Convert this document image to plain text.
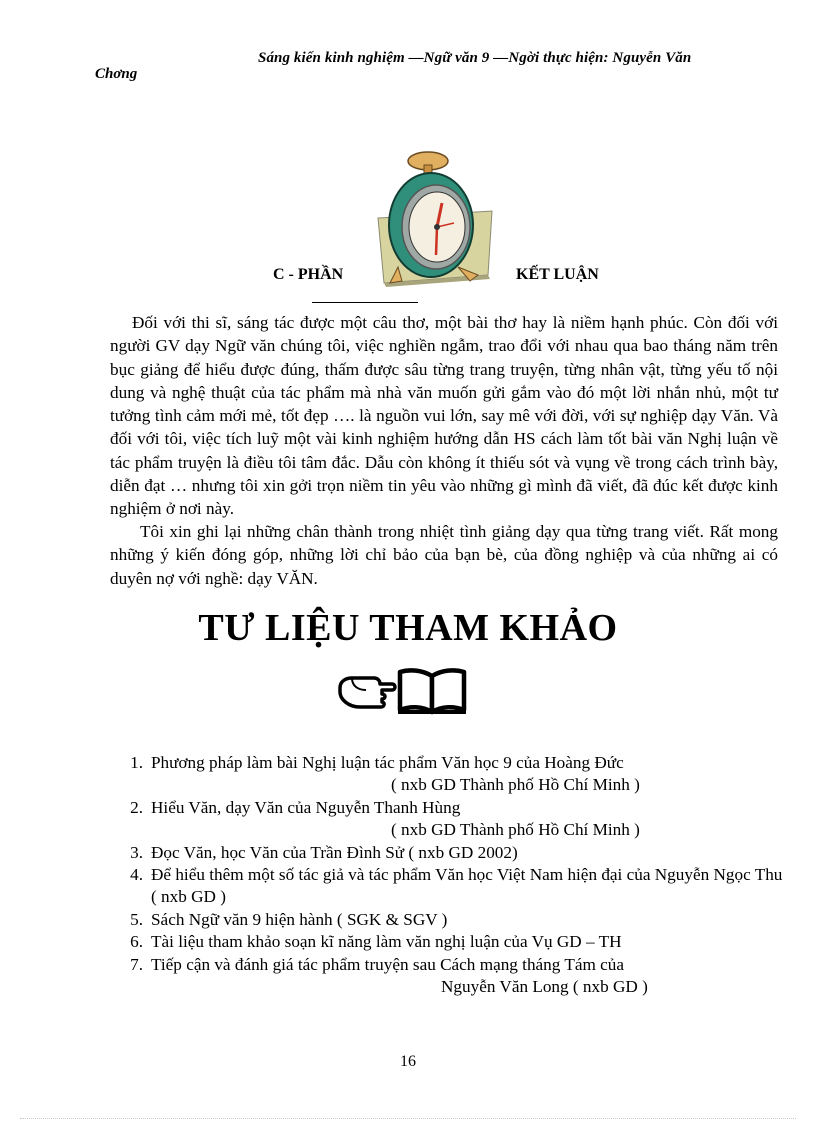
Sáng kiến kinh nghiệm —Ngữ văn 9 —Ngời thực hiện: Nguyễn Văn
Chơng
C - PHẦN	KẾT LUẬN
Đối với thi sĩ, sáng tác được một câu thơ, một bài thơ hay là niềm hạnh phúc. Còn đối với người GV dạy Ngữ văn chúng tôi, việc nghiền ngẫm, trao đổi với nhau qua bao tháng năm trên bục giảng để hiểu được đúng, thấm được sâu từng trang truyện, từng nhân vật, từng yếu tố nội dung và nghệ thuật của tác phẩm mà nhà văn muốn gửi gắm vào đó một lời nhắn nhủ, một tư tưởng tình cảm mới mẻ, tốt đẹp …. là nguồn vui lớn, say mê với đời, với sự nghiệp dạy Văn. Và đối với tôi, việc tích luỹ một vài kinh nghiệm hướng dẫn HS cách làm tốt bài văn Nghị luận về tác phẩm truyện là điều tôi tâm đắc. Dẫu còn không ít thiếu sót và vụng về trong cách trình bày, diễn đạt … nhưng tôi xin gởi trọn niềm tin yêu vào những gì mình đã viết, đã đúc kết được kinh nghiệm ở nơi này.
Tôi xin ghi lại những chân thành trong nhiệt tình giảng dạy qua từng trang viết. Rất mong những ý kiến đóng góp, những lời chỉ bảo của bạn bè, của đồng nghiệp và của những ai có duyên nợ với nghề: dạy VĂN.
TƯ LIỆU THAM KHẢO
1. Phương pháp làm bài Nghị luận tác phẩm Văn học 9 của Hoàng Đức
( nxb GD Thành phố Hồ Chí Minh )
2. Hiểu Văn, dạy Văn của Nguyễn Thanh Hùng
( nxb GD Thành phố Hồ Chí Minh )
3. Đọc Văn, học Văn của Trần Đình Sử ( nxb GD 2002)
4. Để hiểu thêm một số tác giả và tác phẩm Văn học Việt Nam hiện đại của Nguyễn Ngọc Thu ( nxb GD )
5. Sách Ngữ văn 9 hiện hành ( SGK & SGV )
6. Tài liệu tham khảo soạn kĩ năng làm văn nghị luận của Vụ GD – TH
7. Tiếp cận và đánh giá tác phẩm truyện sau Cách mạng tháng Tám của
Nguyễn Văn Long ( nxb GD )
16
